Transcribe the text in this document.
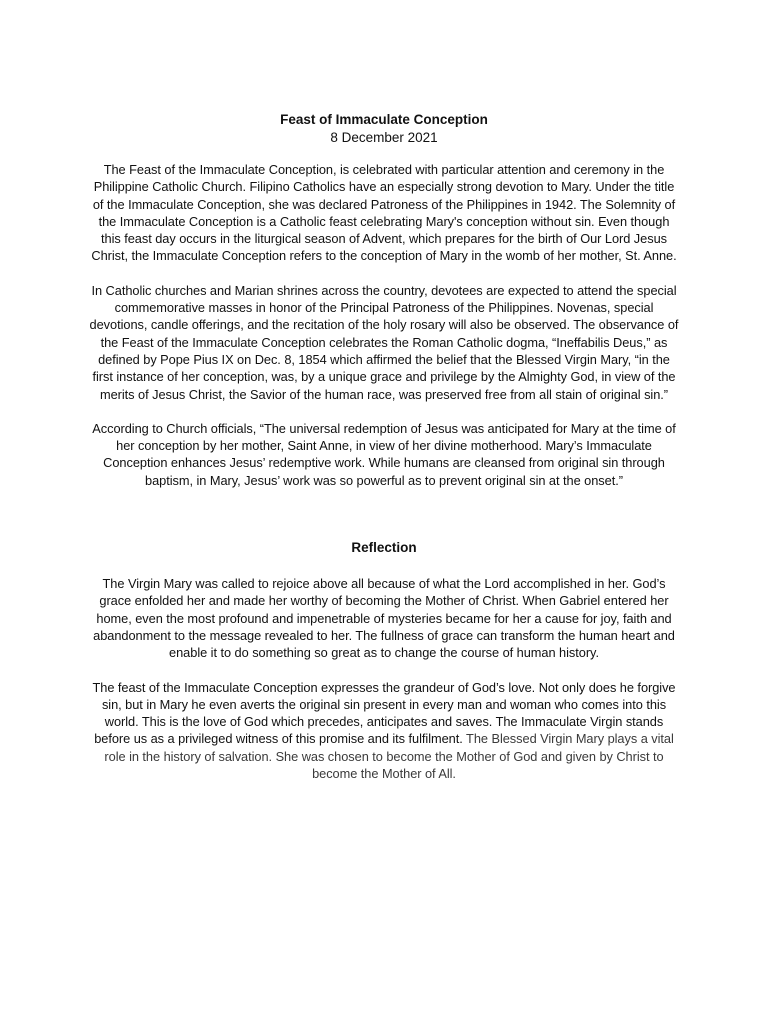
Feast of Immaculate Conception

8 December 2021

The Feast of the Immaculate Conception, is celebrated with particular attention and ceremony in the Philippine Catholic Church. Filipino Catholics have an especially strong devotion to Mary. Under the title of the Immaculate Conception, she was declared Patroness of the Philippines in 1942. The Solemnity of the Immaculate Conception is a Catholic feast celebrating Mary's conception without sin. Even though this feast day occurs in the liturgical season of Advent, which prepares for the birth of Our Lord Jesus Christ, the Immaculate Conception refers to the conception of Mary in the womb of her mother, St. Anne.

In Catholic churches and Marian shrines across the country, devotees are expected to attend the special commemorative masses in honor of the Principal Patroness of the Philippines. Novenas, special devotions, candle offerings, and the recitation of the holy rosary will also be observed. The observance of the Feast of the Immaculate Conception celebrates the Roman Catholic dogma, “Ineffabilis Deus,” as defined by Pope Pius IX on Dec. 8, 1854 which affirmed the belief that the Blessed Virgin Mary, “in the first instance of her conception, was, by a unique grace and privilege by the Almighty God, in view of the merits of Jesus Christ, the Savior of the human race, was preserved free from all stain of original sin.”

According to Church officials, “The universal redemption of Jesus was anticipated for Mary at the time of her conception by her mother, Saint Anne, in view of her divine motherhood. Mary’s Immaculate Conception enhances Jesus’ redemptive work. While humans are cleansed from original sin through baptism, in Mary, Jesus’ work was so powerful as to prevent original sin at the onset.”

Reflection

The Virgin Mary was called to rejoice above all because of what the Lord accomplished in her. God’s grace enfolded her and made her worthy of becoming the Mother of Christ. When Gabriel entered her home, even the most profound and impenetrable of mysteries became for her a cause for joy, faith and abandonment to the message revealed to her. The fullness of grace can transform the human heart and enable it to do something so great as to change the course of human history.

The feast of the Immaculate Conception expresses the grandeur of God’s love. Not only does he forgive sin, but in Mary he even averts the original sin present in every man and woman who comes into this world. This is the love of God which precedes, anticipates and saves. The Immaculate Virgin stands before us as a privileged witness of this promise and its fulfilment. The Blessed Virgin Mary plays a vital role in the history of salvation. She was chosen to become the Mother of God and given by Christ to become the Mother of All.
